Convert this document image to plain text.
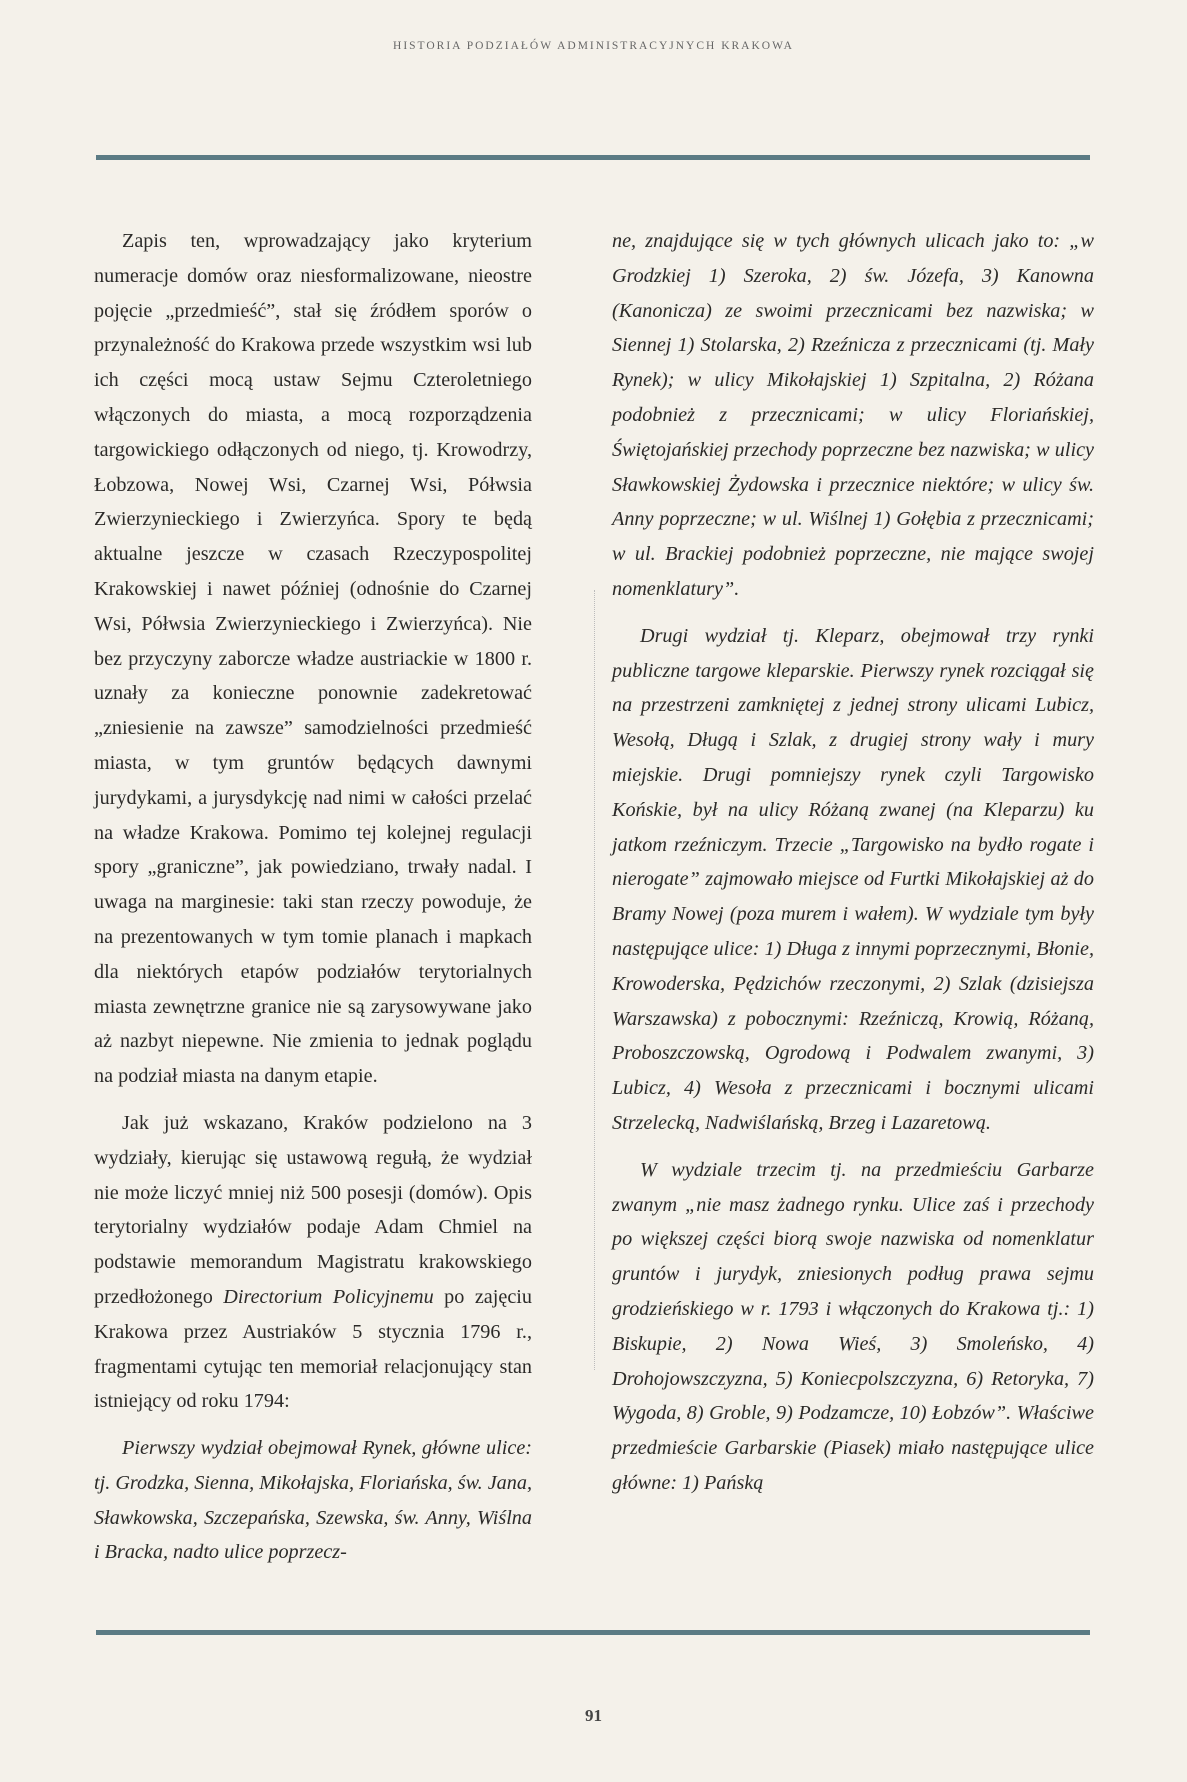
HISTORIA PODZIAŁÓW ADMINISTRACYJNYCH KRAKOWA

Zapis ten, wprowadzający jako kryterium numeracje domów oraz niesformalizowane, nieostre pojęcie „przedmieść”, stał się źródłem sporów o przynależność do Krakowa przede wszystkim wsi lub ich części mocą ustaw Sejmu Czteroletniego włączonych do miasta, a mocą rozporządzenia targowickiego odłączonych od niego, tj. Krowodrzy, Łobzowa, Nowej Wsi, Czarnej Wsi, Półwsia Zwierzynieckiego i Zwierzyńca. Spory te będą aktualne jeszcze w czasach Rzeczypospolitej Krakowskiej i nawet później (odnośnie do Czarnej Wsi, Półwsia Zwierzynieckiego i Zwierzyńca). Nie bez przyczyny zaborcze władze austriackie w 1800 r. uznały za konieczne ponownie zadekretować „zniesienie na zawsze” samodzielności przedmieść miasta, w tym gruntów będących dawnymi jurydykami, a jurysdykcję nad nimi w całości przelać na władze Krakowa. Pomimo tej kolejnej regulacji spory „graniczne”, jak powiedziano, trwały nadal. I uwaga na marginesie: taki stan rzeczy powoduje, że na prezentowanych w tym tomie planach i mapkach dla niektórych etapów podziałów terytorialnych miasta zewnętrzne granice nie są zarysowywane jako aż nazbyt niepewne. Nie zmienia to jednak poglądu na podział miasta na danym etapie.

Jak już wskazano, Kraków podzielono na 3 wydziały, kierując się ustawową regułą, że wydział nie może liczyć mniej niż 500 posesji (domów). Opis terytorialny wydziałów podaje Adam Chmiel na podstawie memorandum Magistratu krakowskiego przedłożonego Directorium Policyjnemu po zajęciu Krakowa przez Austriaków 5 stycznia 1796 r., fragmentami cytując ten memoriał relacjonujący stan istniejący od roku 1794:

Pierwszy wydział obejmował Rynek, główne ulice: tj. Grodzka, Sienna, Mikołajska, Floriańska, św. Jana, Sławkowska, Szczepańska, Szewska, św. Anny, Wiślna i Bracka, nadto ulice poprzecz-

ne, znajdujące się w tych głównych ulicach jako to: „w Grodzkiej 1) Szeroka, 2) św. Józefa, 3) Kanowna (Kanonicza) ze swoimi przecznicami bez nazwiska; w Siennej 1) Stolarska, 2) Rzeźnicza z przecznicami (tj. Mały Rynek); w ulicy Mikołajskiej 1) Szpitalna, 2) Różana podobnież z przecznicami; w ulicy Floriańskiej, Świętojańskiej przechody poprzeczne bez nazwiska; w ulicy Sławkowskiej Żydowska i przecznice niektóre; w ulicy św. Anny poprzeczne; w ul. Wiślnej 1) Gołębia z przecznicami; w ul. Brackiej podobnież poprzeczne, nie mające swojej nomenklatury”.

Drugi wydział tj. Kleparz, obejmował trzy rynki publiczne targowe kleparskie. Pierwszy rynek rozciągał się na przestrzeni zamkniętej z jednej strony ulicami Lubicz, Wesołą, Długą i Szlak, z drugiej strony wały i mury miejskie. Drugi pomniejszy rynek czyli Targowisko Końskie, był na ulicy Różaną zwanej (na Kleparzu) ku jatkom rzeźniczym. Trzecie „Targowisko na bydło rogate i nierogate” zajmowało miejsce od Furtki Mikołajskiej aż do Bramy Nowej (poza murem i wałem). W wydziale tym były następujące ulice: 1) Długa z innymi poprzecznymi, Błonie, Krowoderska, Pędzichów rzeczonymi, 2) Szlak (dzisiejsza Warszawska) z pobocznymi: Rzeźniczą, Krowią, Różaną, Proboszczowską, Ogrodową i Podwalem zwanymi, 3) Lubicz, 4) Wesoła z przecznicami i bocznymi ulicami Strzelecką, Nadwiślańską, Brzeg i Lazaretową.

W wydziale trzecim tj. na przedmieściu Garbarze zwanym „nie masz żadnego rynku. Ulice zaś i przechody po większej części biorą swoje nazwiska od nomenklatur gruntów i jurydyk, zniesionych podług prawa sejmu grodzieńskiego w r. 1793 i włączonych do Krakowa tj.: 1) Biskupie, 2) Nowa Wieś, 3) Smoleńsko, 4) Drohojowszczyzna, 5) Koniecpolszczyzna, 6) Retoryka, 7) Wygoda, 8) Groble, 9) Podzamcze, 10) Łobzów”. Właściwe przedmieście Garbarskie (Piasek) miało następujące ulice główne: 1) Pańską

91
